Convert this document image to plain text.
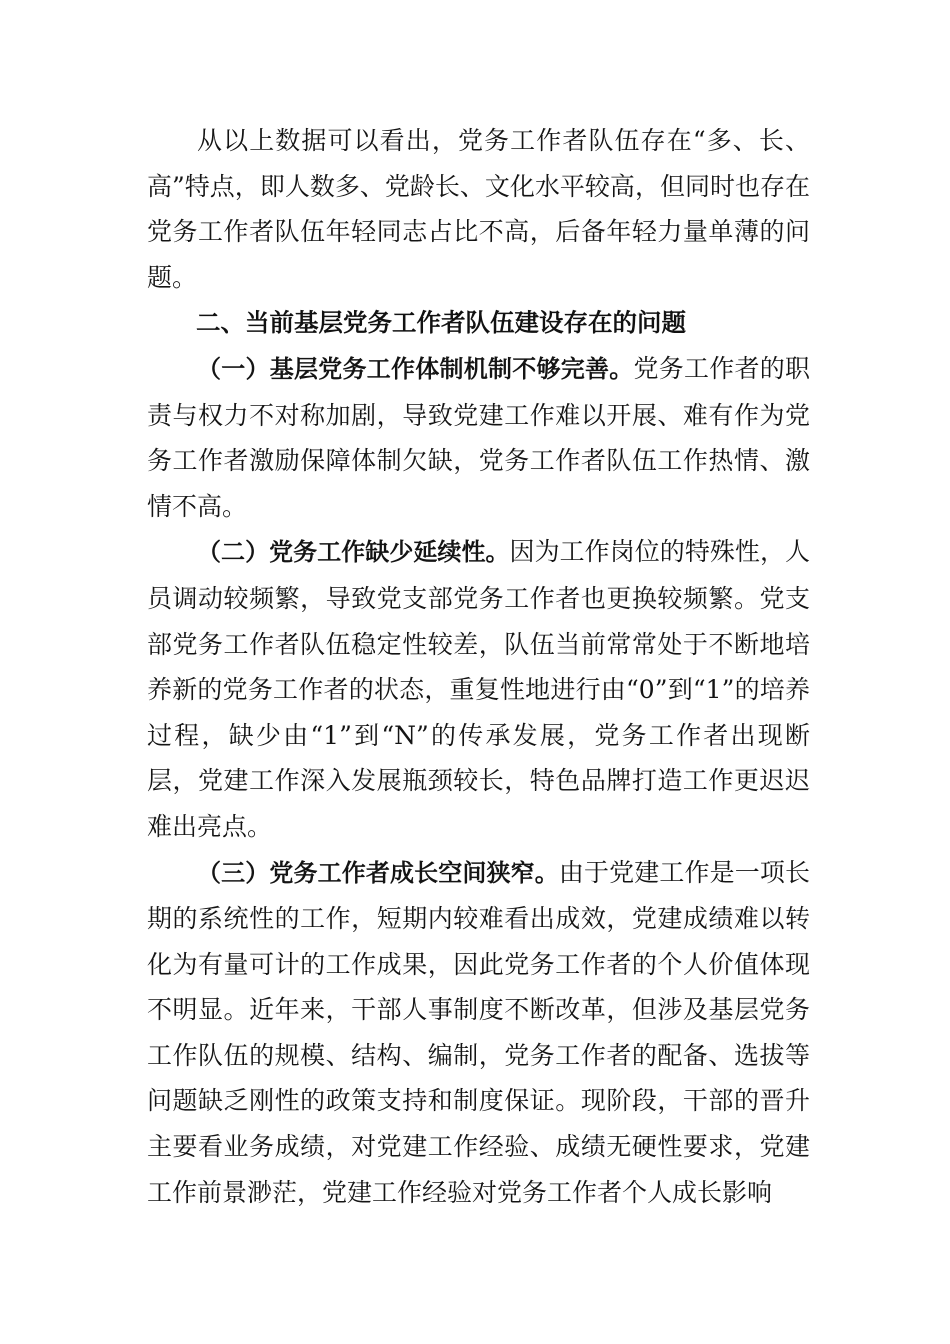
从以上数据可以看出，党务工作者队伍存在“多、长、高”特点，即人数多、党龄长、文化水平较高，但同时也存在党务工作者队伍年轻同志占比不高，后备年轻力量单薄的问题。

二、当前基层党务工作者队伍建设存在的问题

（一）基层党务工作体制机制不够完善。党务工作者的职责与权力不对称加剧，导致党建工作难以开展、难有作为党务工作者激励保障体制欠缺，党务工作者队伍工作热情、激情不高。

（二）党务工作缺少延续性。因为工作岗位的特殊性，人员调动较频繁，导致党支部党务工作者也更换较频繁。党支部党务工作者队伍稳定性较差，队伍当前常常处于不断地培养新的党务工作者的状态，重复性地进行由“0”到“1”的培养过程，缺少由“1”到“N”的传承发展，党务工作者出现断层，党建工作深入发展瓶颈较长，特色品牌打造工作更迟迟难出亮点。

（三）党务工作者成长空间狭窄。由于党建工作是一项长期的系统性的工作，短期内较难看出成效，党建成绩难以转化为有量可计的工作成果，因此党务工作者的个人价值体现不明显。近年来，干部人事制度不断改革，但涉及基层党务工作队伍的规模、结构、编制，党务工作者的配备、选拔等问题缺乏刚性的政策支持和制度保证。现阶段，干部的晋升主要看业务成绩，对党建工作经验、成绩无硬性要求，党建工作前景渺茫，党建工作经验对党务工作者个人成长影响
